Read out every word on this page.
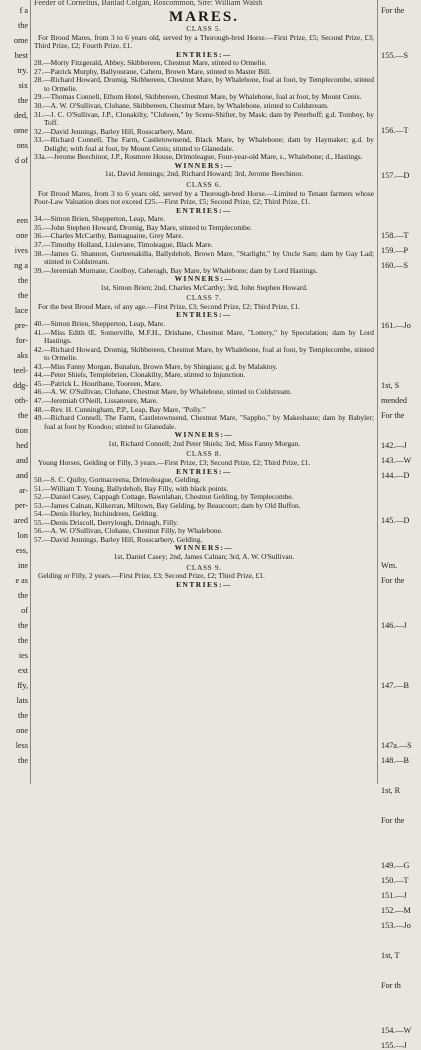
f a
the
ome
best
try.
six
the
ded,
ome
ons
d of
een
one
ives
ng a
the
the
lace
pre-
for-
aks
teel-
ddg-
oth-
the
tion
hed
and
and
ar-
per-
ared
lon
ess,
ine
e as
the
of
the
the
ies
ext
ffy,
lats
the
one
less
the
For the
155.—S
156.—T
157.—D
158.—T
159.—P
160.—S
161.—Jo
1st, S
mended
For the
142.—J
143.—W
144.—D
145.—D
Wm.
For the
146.—J
147.—B
147a.—S
148.—B
1st, R
For the
149.—G
150.—T
151.—J
152.—M
153.—Jo
1st, T
For th
154.—W
155.—J
Feeder of Cornelius, Banlad Colgan, Roscommon, Sire: William Walsh
MARES.
CLASS 5.

For Brood Mares, from 3 to 6 years old, served by a Thorough-bred Horse.—First Prize, £5; Second Prize, £3; Third Prize, £2; Fourth Prize, £1.

ENTRIES:—

28.—Morty Fitzgerald, Abbey, Skibbereen, Chestnut Mare, stinted to Ormelie.

27.—Patrick Murphy, Ballyourane, Caheru, Brown Mare, stinted to Master Bill.

28.—Richard Howard, Dromig, Skibbereen, Chestnut Mare, by Whalebone, foal at foot, by Templecombe, stinted to Ormelie.

29.—Thomas Connell, Ethom Hotel, Skibbereen, Chestnut Mare, by Whalebone, foal at foot, by Mount Cenis.

30.—A. W. O'Sullivan, Clohane, Skibbereen, Chestnut Mare, by Whalebone, stinted to Coldstream.

31.—J. C. O'Sullivan, J.P., Clonakilty, "Clohoen," by Scene-Shifter, by Mask; dam by Peterhoff; g.d. Tomboy, by Toff.

32.—David Jennings, Barley Hill, Rosscarbery, Mare.

33.—Richard Connell, The Farm, Castletownsend, Black Mare, by Whalebone; dam by Haymaker; g.d. by Delight; with foal at foot, by Mount Cenis; stinted to Glanedale.

33a.—Jerome Beechinor, J.P., Rosmore House, Drimoleague, Four-year-old Mare, s., Whalebone; d., Hastings.

WINNERS:—

1st, David Jennings; 2nd, Richard Howard; 3rd, Jerome Beechinor.

CLASS 6.

For Brood Mares, from 3 to 6 years old, served by a Thorough-bred Horse.—Limited to Tenant farmers whose Poor-Law Valuation does not exceed £25.—First Prize, £5; Second Prize, £2; Third Prize, £1.

ENTRIES:—

34.—Simon Brien, Shepperton, Leap, Mare.

35.—John Stephen Howard, Dromig, Bay Mare, stinted to Templecombe.

36.—Charles McCarthy, Barnaguaine, Grey Mare.

37.—Timothy Holland, Lislevane, Timoleague, Black Mare.

38.—James G. Shannon, Gurteenakilla, Ballydehob, Brown Mare, "Starlight," by Uncle Sam; dam by Gay Lad; stinted to Coldstream.

39.—Jeremiah Murnane, Coolboy, Caheragh, Bay Mare, by Whalebone; dam by Lord Hastings.

WINNERS:—

1st, Simon Brien; 2nd, Charles McCarthy; 3rd, John Stephen Howard.

CLASS 7.

For the best Brood Mare, of any age.—First Prize, £3; Second Prize, £2; Third Prize, £1.

ENTRIES:—

40.—Simon Brien, Shepperton, Leap, Mare.

41.—Miss Edith Œ. Somerville, M.F.H., Drishane, Chestnut Mare, "Lottery," by Speculation; dam by Lord Hastings.

42.—Richard Howard, Dromig, Skibbereen, Chestnut Mare, by Whalebone, foal at foot, by Templecombe, stinted to Ormelie.

43.—Miss Fanny Morgan, Bunalun, Brown Mare, by Shingiass; g.d. by Malaktoy.

44.—Peter Shiels, Templebrien, Clonakilty, Mare, stinted to Injunction.

45.—Patrick L. Hourihane, Tooreen, Mare.

46.—A. W. O'Sullivan, Clohane, Chestnut Mare, by Whalebone, stinted to Coldstream.

47.—Jeremiah O'Neill, Lissanoure, Mare.

48.—Rev. H. Cunningham, P.P., Leap, Bay Mare, "Polly."

49.—Richard Connell, The Farm, Castletownsend, Chestnut Mare, "Sappho," by Makeshaste; dam by Babyler; foal at foot by Koodoo; stinted to Glanedale.

WINNERS:—

1st, Richard Connell; 2nd Peter Shiels; 3rd, Miss Fanny Morgan.

CLASS 8.

Young Horses, Gelding or Filly, 3 years.—First Prize, £3; Second Prize, £2; Third Prize, £1.

ENTRIES:—

50.—S. C. Quilty, Gortnacreena, Drimoleague, Gelding.

51.—William T. Young, Ballydehob, Bay Filly, with black points.

52.—Daniel Casey, Cappagh Cottage, Bawnlahan, Chestnut Gelding, by Templecombe.

53.—James Calnan, Kilkerran, Miltown, Bay Gelding, by Beaucourt; dam by Old Buffon.

54.—Denis Hurley, Inchindreen, Gelding.

55.—Denis Driscoll, Derrylough, Drinagh, Filly.

56.—A. W. O'Sullivan, Clohane, Chestnut Filly, by Whalebone.

57.—David Jennings, Barley Hill, Rosscarbery, Gelding.

WINNERS:—

1st, Daniel Casey; 2nd, James Calnan; 3rd, A. W. O'Sullivan.

CLASS 9.

Gelding or Filly, 2 years.—First Prize, £3; Second Prize, £2; Third Prize, £1.

ENTRIES:—
